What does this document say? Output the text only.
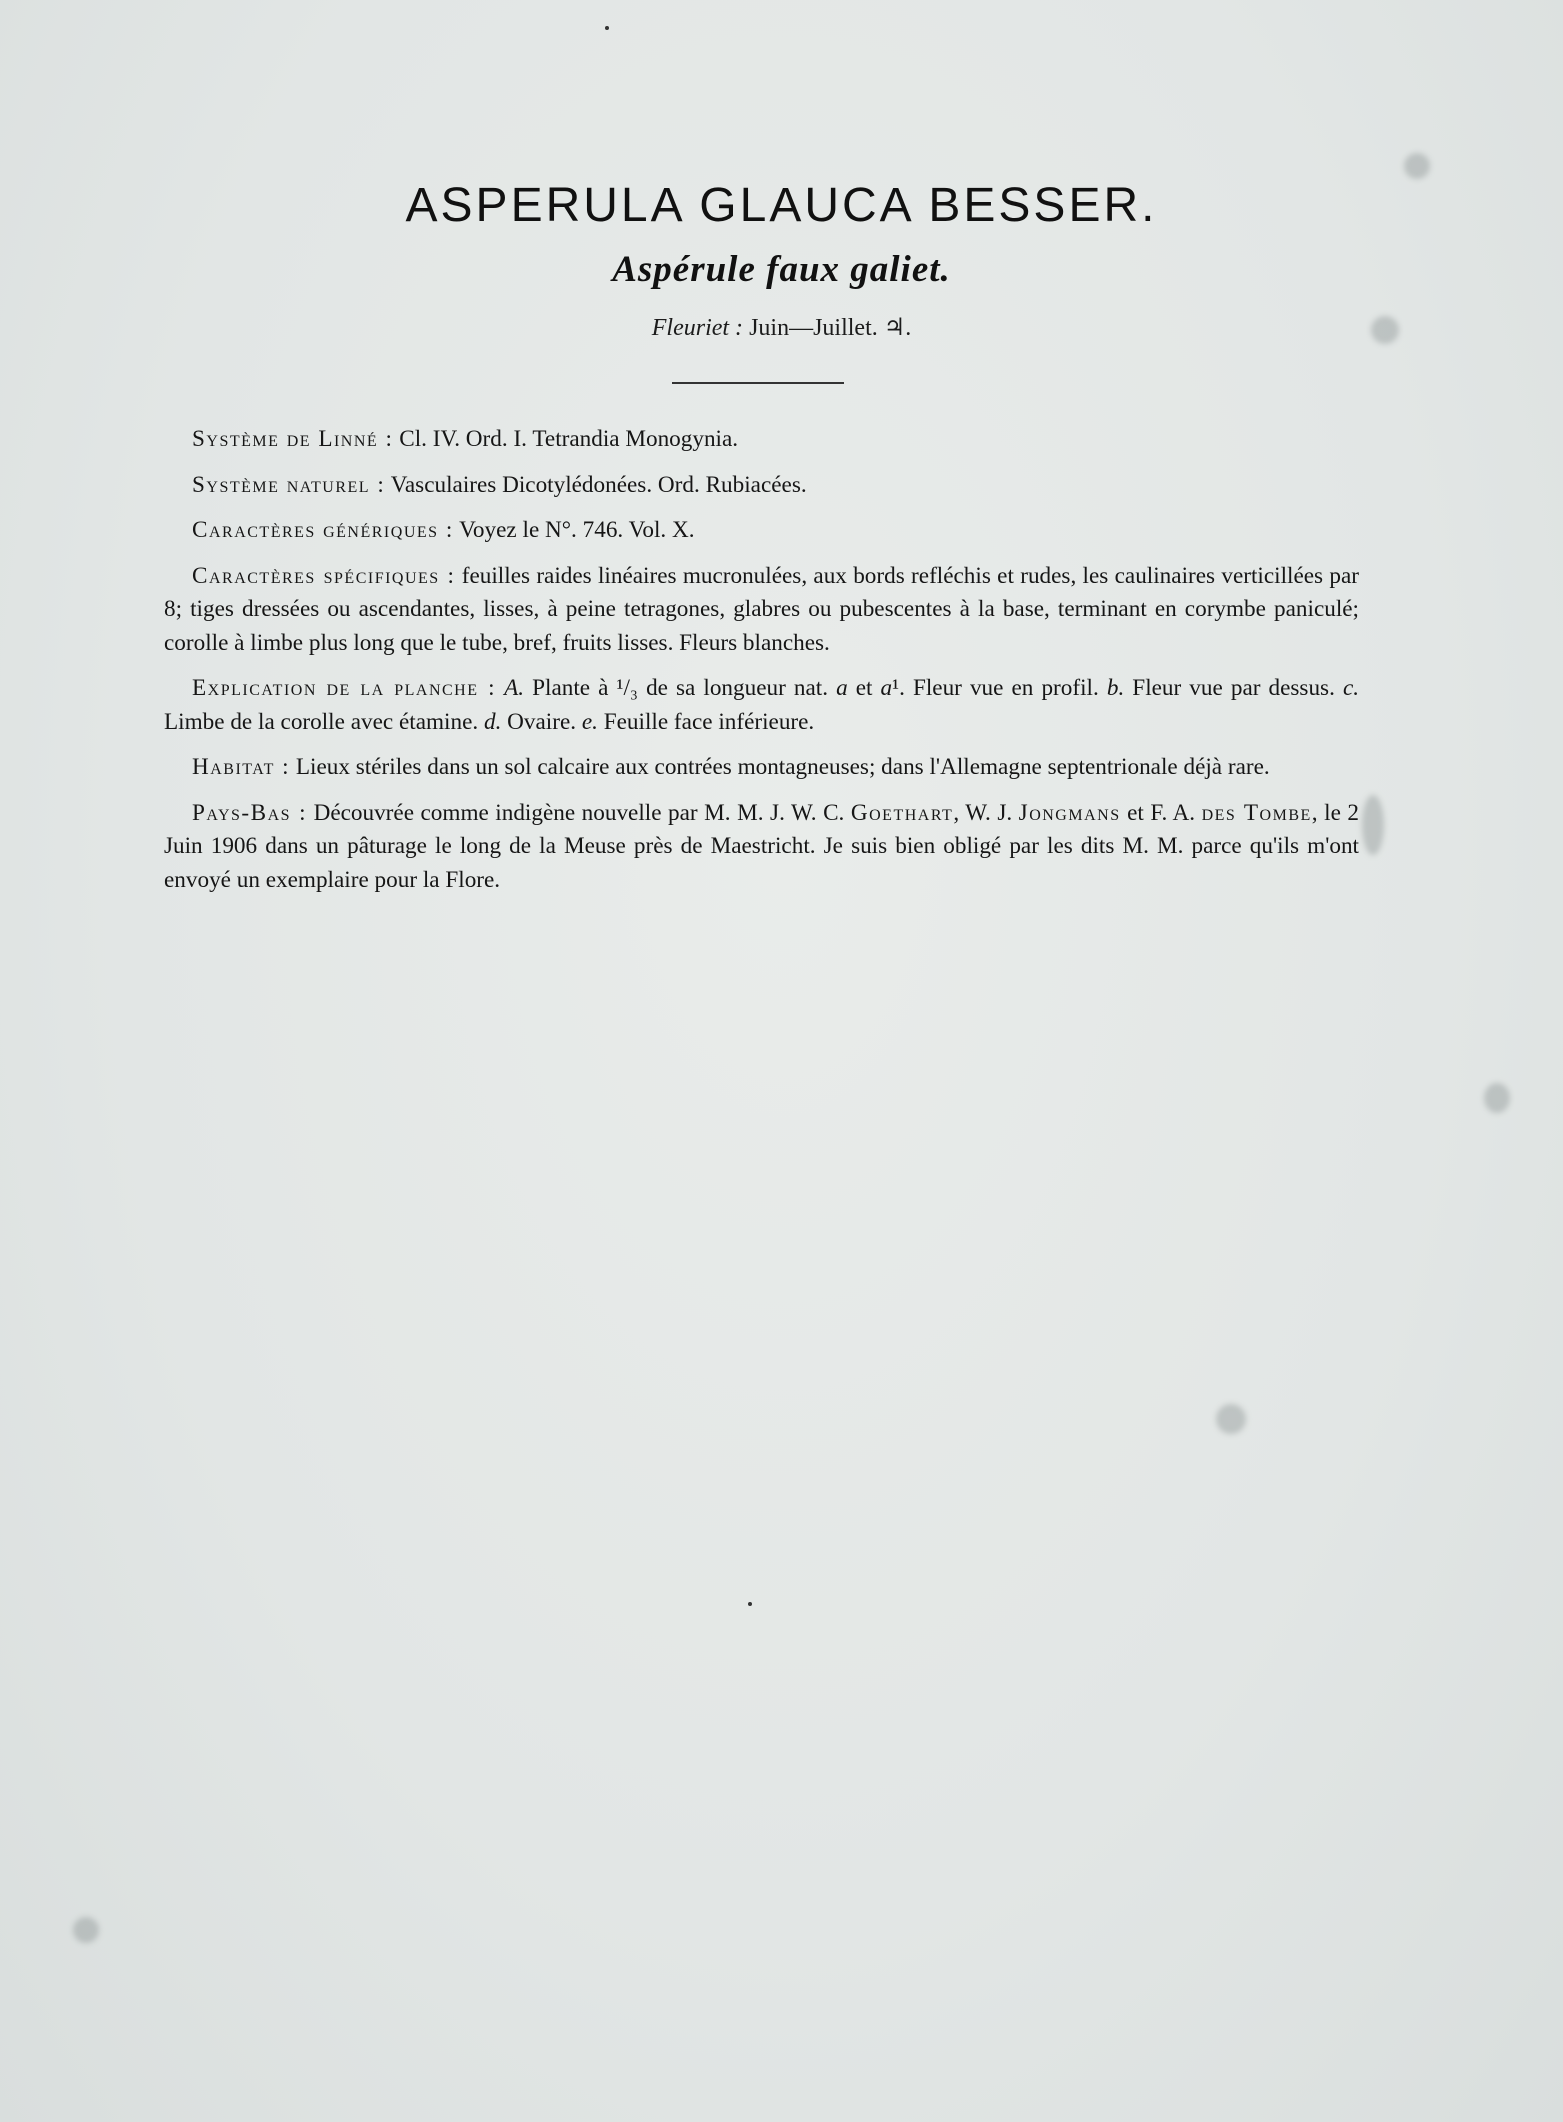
ASPERULA GLAUCA BESSER.
Aspérule faux galiet.
Fleuriet : Juin—Juillet. ♃.

Système de Linné : Cl. IV. Ord. I. Tetrandia Monogynia.

Système naturel : Vasculaires Dicotylédonées. Ord. Rubiacées.

Caractères génériques : Voyez le N°. 746. Vol. X.

Caractères spécifiques : feuilles raides linéaires mucronulées, aux bords refléchis et rudes, les caulinaires verticillées par 8; tiges dressées ou ascendantes, lisses, à peine tetragones, glabres ou pubescentes à la base, terminant en corymbe paniculé; corolle à limbe plus long que le tube, bref, fruits lisses. Fleurs blanches.

Explication de la planche : A. Plante à ¹/₃ de sa longueur nat. a et a¹. Fleur vue en profil. b. Fleur vue par dessus. c. Limbe de la corolle avec étamine. d. Ovaire. e. Feuille face inférieure.

Habitat : Lieux stériles dans un sol calcaire aux contrées montagneuses; dans l'Allemagne septentrionale déjà rare.

Pays-Bas : Découvrée comme indigène nouvelle par M. M. J. W. C. Goethart, W. J. Jongmans et F. A. des Tombe, le 2 Juin 1906 dans un pâturage le long de la Meuse près de Maestricht. Je suis bien obligé par les dits M. M. parce qu'ils m'ont envoyé un exemplaire pour la Flore.
